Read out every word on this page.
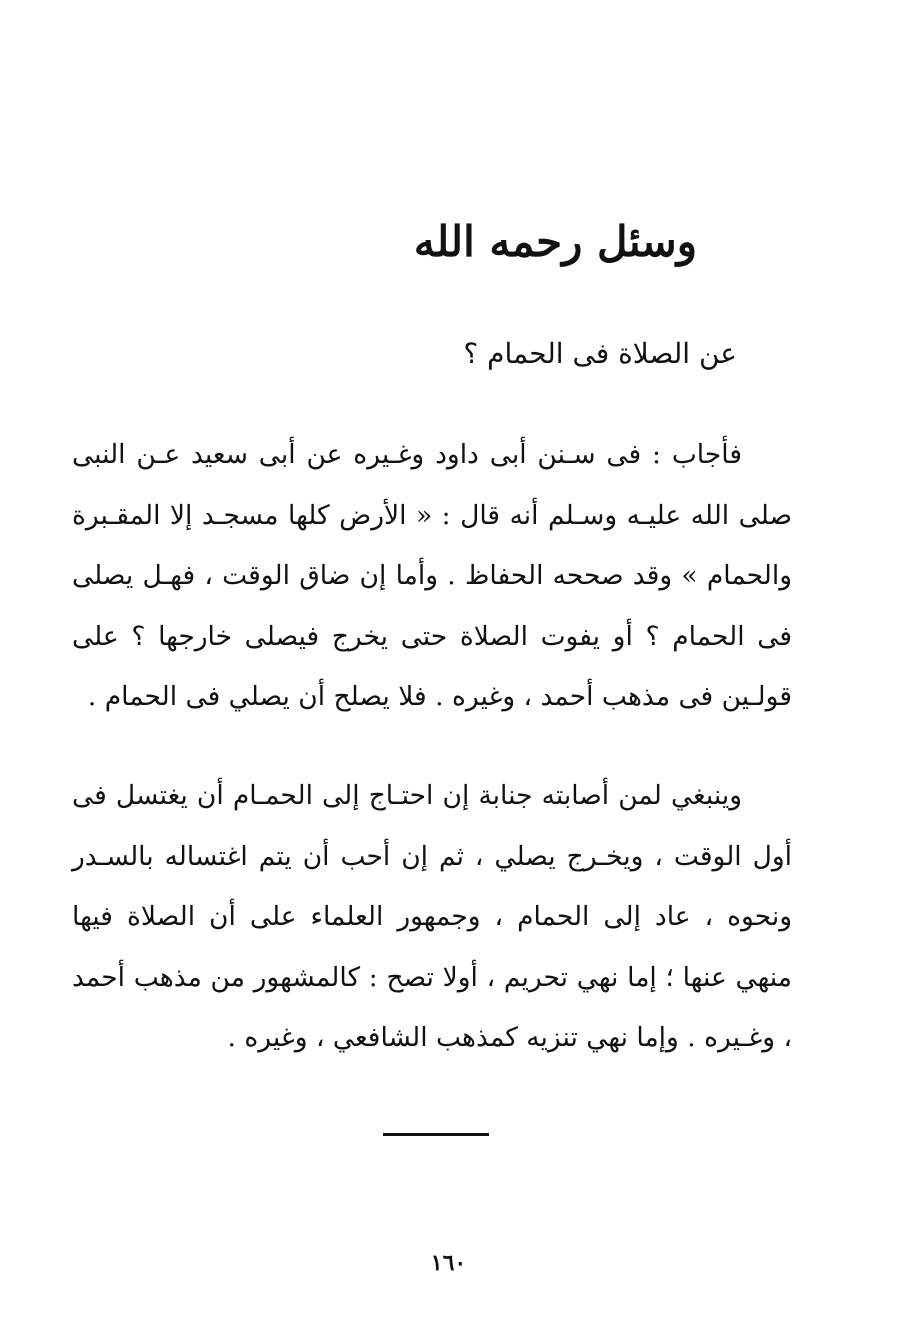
وسئل رحمه الله
عن الصلاة فى الحمام ؟

فأجاب : فى سـنن أبى داود وغـيره عن أبى سعيد عـن النبى صلى الله عليـه وسـلم أنه قال : « الأرض كلها مسجـد إلا المقـبرة والحمام » وقد صححه الحفاظ . وأما إن ضاق الوقت ، فهـل يصلى فى الحمام ؟ أو يفوت الصلاة حتى يخرج فيصلى خارجها ؟ على قولـين فى مذهب أحمد ، وغيره . فلا يصلح أن يصلي فى الحمام .

وينبغي لمن أصابته جنابة إن احتـاج إلى الحمـام أن يغتسل فى أول الوقت ، ويخـرج يصلي ، ثم إن أحب أن يتم اغتساله بالسـدر ونحوه ، عاد إلى الحمام ، وجمهور العلماء على أن الصلاة فيها منهي عنها ؛ إما نهي تحريم ، أولا تصح : كالمشهور من مذهب أحمد ، وغـيره . وإما نهي تنزيه كمذهب الشافعي ، وغيره .

١٦٠
